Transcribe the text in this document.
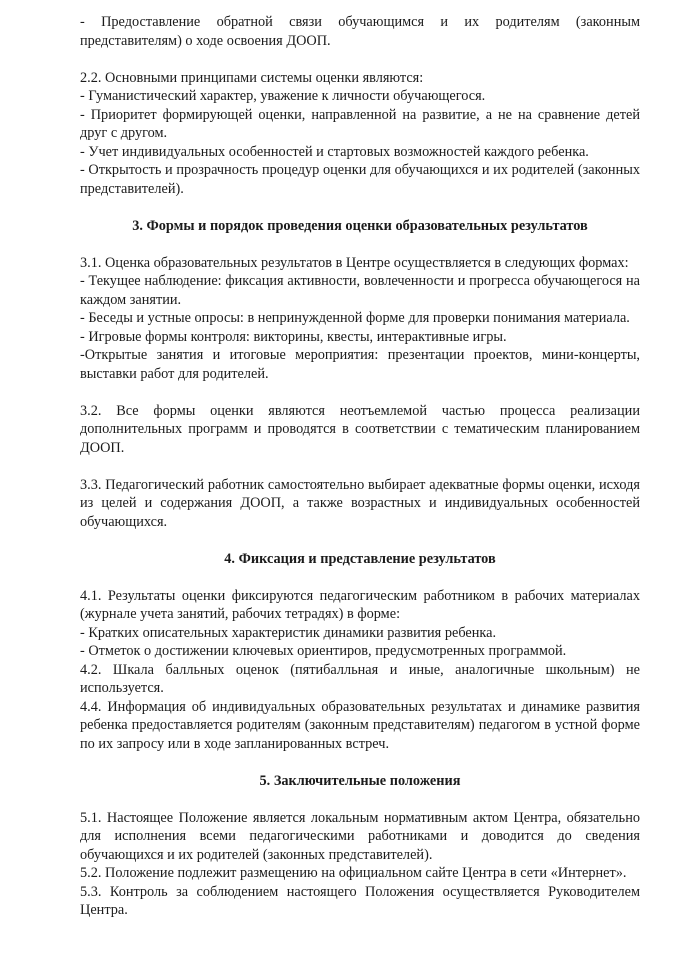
- Предоставление обратной связи обучающимся и их родителям (законным представителям) о ходе освоения ДООП.

2.2. Основными принципами системы оценки являются:

- Гуманистический характер, уважение к личности обучающегося.

- Приоритет формирующей оценки, направленной на развитие, а не на сравнение детей друг с другом.

- Учет индивидуальных особенностей и стартовых возможностей каждого ребенка.

- Открытость и прозрачность процедур оценки для обучающихся и их родителей (законных представителей).

3. Формы и порядок проведения оценки образовательных результатов

3.1. Оценка образовательных результатов в Центре осуществляется в следующих формах:

- Текущее наблюдение: фиксация активности, вовлеченности и прогресса обучающегося на каждом занятии.

- Беседы и устные опросы: в непринужденной форме для проверки понимания материала.

- Игровые формы контроля: викторины, квесты, интерактивные игры.

-Открытые занятия и итоговые мероприятия: презентации проектов, мини-концерты, выставки работ для родителей.

3.2. Все формы оценки являются неотъемлемой частью процесса реализации дополнительных программ и проводятся в соответствии с тематическим планированием ДООП.

3.3. Педагогический работник самостоятельно выбирает адекватные формы оценки, исходя из целей и содержания ДООП, а также возрастных и индивидуальных особенностей обучающихся.

4. Фиксация и представление результатов

4.1. Результаты оценки фиксируются педагогическим работником в рабочих материалах (журнале учета занятий, рабочих тетрадях) в форме:

- Кратких описательных характеристик динамики развития ребенка.

- Отметок о достижении ключевых ориентиров, предусмотренных программой.

4.2. Шкала балльных оценок (пятибалльная и иные, аналогичные школьным) не используется.

4.4. Информация об индивидуальных образовательных результатах и динамике развития ребенка предоставляется родителям (законным представителям) педагогом в устной форме по их запросу или в ходе запланированных встреч.

5. Заключительные положения

5.1. Настоящее Положение является локальным нормативным актом Центра, обязательно для исполнения всеми педагогическими работниками и доводится до сведения обучающихся и их родителей (законных представителей).

5.2. Положение подлежит размещению на официальном сайте Центра в сети «Интернет».

5.3. Контроль за соблюдением настоящего Положения осуществляется Руководителем Центра.
